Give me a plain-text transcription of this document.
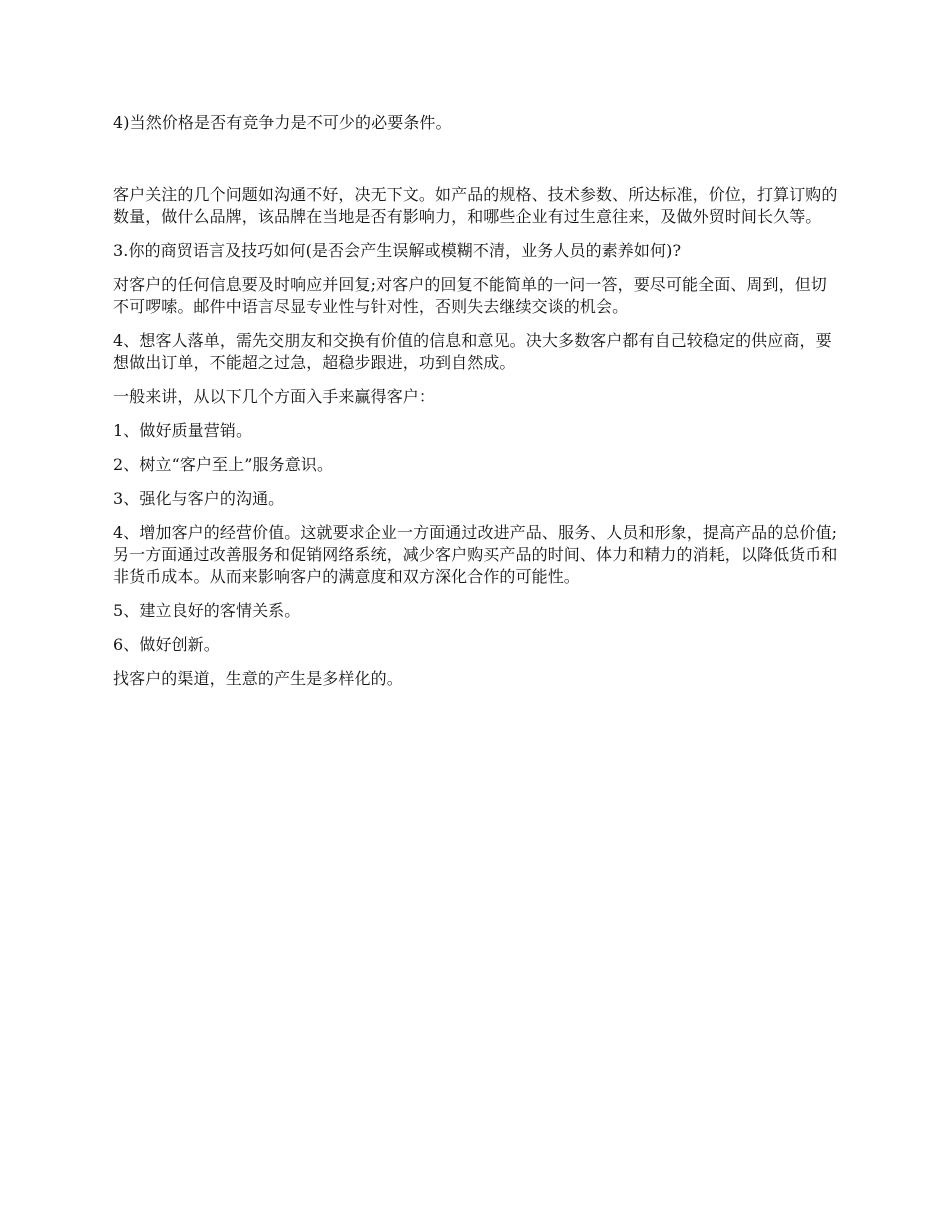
4)当然价格是否有竞争力是不可少的必要条件。

客户关注的几个问题如沟通不好，决无下文。如产品的规格、技术参数、所达标准，价位，打算订购的数量，做什么品牌，该品牌在当地是否有影响力，和哪些企业有过生意往来，及做外贸时间长久等。

3.你的商贸语言及技巧如何(是否会产生误解或模糊不清，业务人员的素养如何)?

对客户的任何信息要及时响应并回复;对客户的回复不能简单的一问一答，要尽可能全面、周到，但切不可啰嗦。邮件中语言尽显专业性与针对性，否则失去继续交谈的机会。

4、想客人落单，需先交朋友和交换有价值的信息和意见。决大多数客户都有自己较稳定的供应商，要想做出订单，不能超之过急，超稳步跟进，功到自然成。

一般来讲，从以下几个方面入手来赢得客户：

1、做好质量营销。

2、树立“客户至上”服务意识。

3、强化与客户的沟通。

4、增加客户的经营价值。这就要求企业一方面通过改进产品、服务、人员和形象，提高产品的总价值;另一方面通过改善服务和促销网络系统，减少客户购买产品的时间、体力和精力的消耗，以降低货币和非货币成本。从而来影响客户的满意度和双方深化合作的可能性。

5、建立良好的客情关系。

6、做好创新。

找客户的渠道，生意的产生是多样化的。
